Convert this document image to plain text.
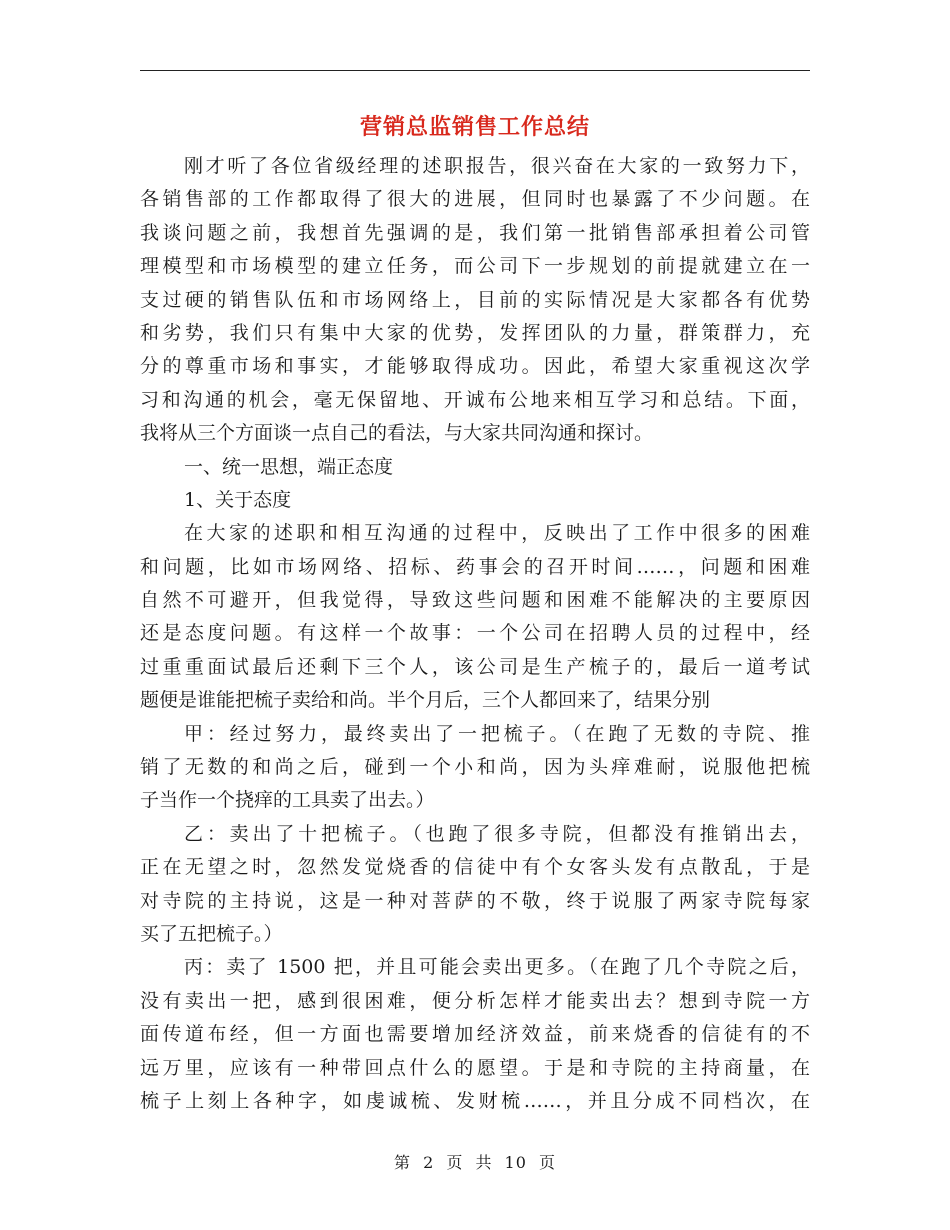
营销总监销售工作总结
刚才听了各位省级经理的述职报告，很兴奋在大家的一致努力下，
各销售部的工作都取得了很大的进展，但同时也暴露了不少问题。在
我谈问题之前，我想首先强调的是，我们第一批销售部承担着公司管
理模型和市场模型的建立任务，而公司下一步规划的前提就建立在一
支过硬的销售队伍和市场网络上，目前的实际情况是大家都各有优势
和劣势，我们只有集中大家的优势，发挥团队的力量，群策群力，充
分的尊重市场和事实，才能够取得成功。因此，希望大家重视这次学
习和沟通的机会，毫无保留地、开诚布公地来相互学习和总结。下面，
我将从三个方面谈一点自己的看法，与大家共同沟通和探讨。
一、统一思想，端正态度
1、关于态度
在大家的述职和相互沟通的过程中，反映出了工作中很多的困难
和问题，比如市场网络、招标、药事会的召开时间……，问题和困难
自然不可避开，但我觉得，导致这些问题和困难不能解决的主要原因
还是态度问题。有这样一个故事：一个公司在招聘人员的过程中，经
过重重面试最后还剩下三个人，该公司是生产梳子的，最后一道考试
题便是谁能把梳子卖给和尚。半个月后，三个人都回来了，结果分别
甲：经过努力，最终卖出了一把梳子。（在跑了无数的寺院、推
销了无数的和尚之后，碰到一个小和尚，因为头痒难耐，说服他把梳
子当作一个挠痒的工具卖了出去。）
乙：卖出了十把梳子。（也跑了很多寺院，但都没有推销出去，
正在无望之时，忽然发觉烧香的信徒中有个女客头发有点散乱，于是
对寺院的主持说，这是一种对菩萨的不敬，终于说服了两家寺院每家
买了五把梳子。）
丙：卖了 1500 把，并且可能会卖出更多。（在跑了几个寺院之后，
没有卖出一把，感到很困难，便分析怎样才能卖出去？想到寺院一方
面传道布经，但一方面也需要增加经济效益，前来烧香的信徒有的不
远万里，应该有一种带回点什么的愿望。于是和寺院的主持商量，在
梳子上刻上各种字，如虔诚梳、发财梳……，并且分成不同档次，在
第 2 页 共 10 页
